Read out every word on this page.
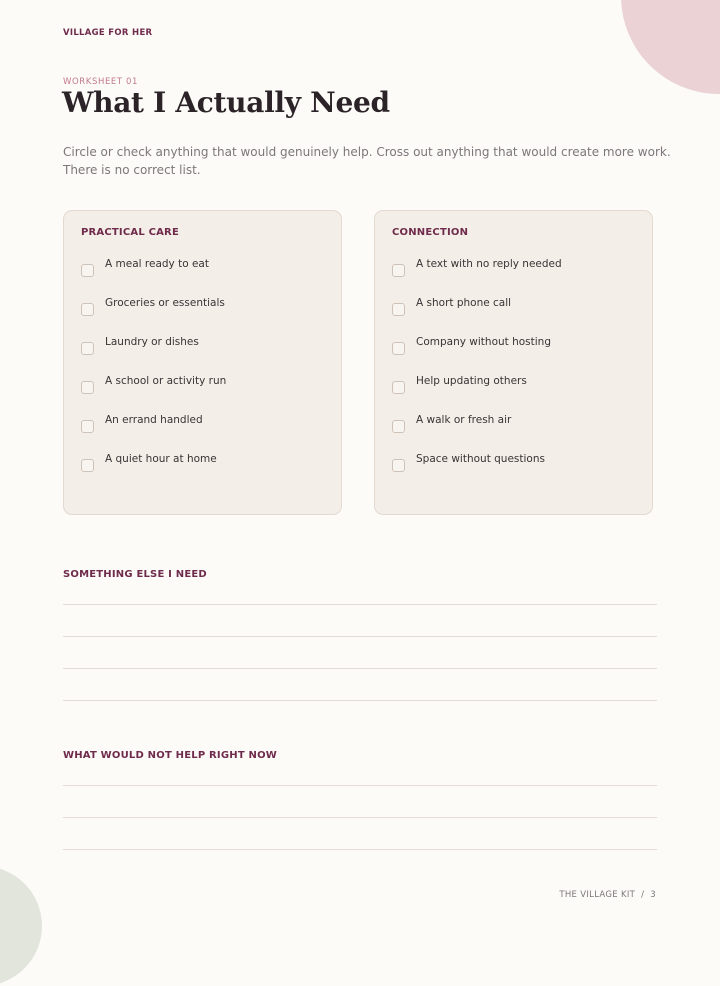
VILLAGE FOR HER
WORKSHEET 01
What I Actually Need
Circle or check anything that would genuinely help. Cross out anything that would create more work. There is no correct list.
PRACTICAL CARE
A meal ready to eat
Groceries or essentials
Laundry or dishes
A school or activity run
An errand handled
A quiet hour at home
CONNECTION
A text with no reply needed
A short phone call
Company without hosting
Help updating others
A walk or fresh air
Space without questions
SOMETHING ELSE I NEED
WHAT WOULD NOT HELP RIGHT NOW
THE VILLAGE KIT  /  3
